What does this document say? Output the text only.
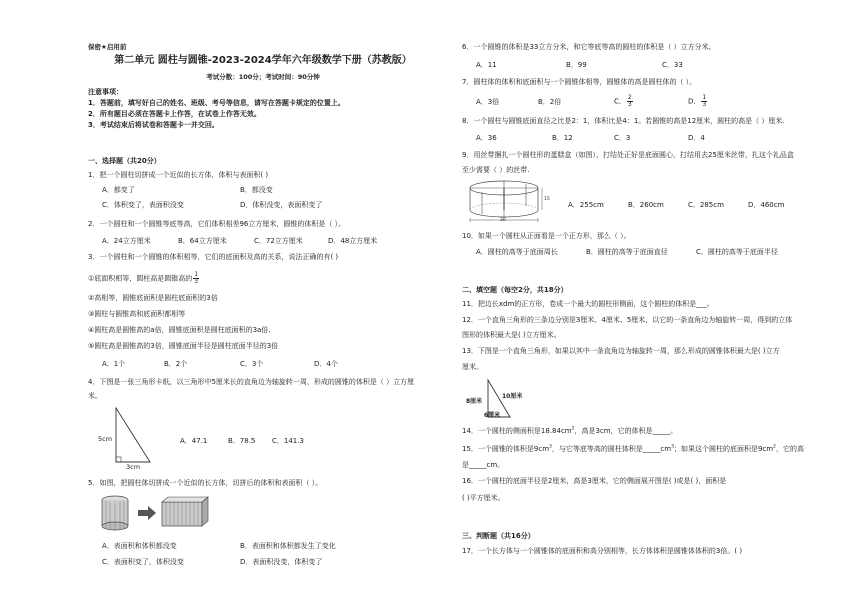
保密★启用前
第二单元 圆柱与圆锥-2023-2024学年六年级数学下册（苏教版）
考试分数：100分；考试时间：90分钟
注意事项：
1．答题前，填写好自己的姓名、班级、考号等信息，请写在答题卡规定的位置上。
2．所有题目必须在答题卡上作答，在试卷上作答无效。
3．考试结束后将试卷和答题卡一并交回。
一、选择题（共20分）
1．把一个圆柱切拼成一个近似的长方体，体积与表面积( )
A．都变了	B．都没变
C．体积变了，表面积没变	D．体积没变，表面积变了
2．一个圆柱和一个圆锥等底等高，它们体积相差96立方厘米，圆锥的体积是（ ）。
A．24立方厘米	B．64立方厘米	C．72立方厘米	D．48立方厘米
3．一个圆柱和一个圆锥的体积相等，它们的底面积及高的关系，说法正确的有( )
①底面积相等，圆柱高是圆锥高的 $\frac{1}{3}$
②高相等，圆锥底面积是圆柱底面积的3倍
③圆柱与圆锥高和底面积都相等
④圆柱高是圆锥高的a倍，圆锥底面积是圆柱底面积的3a倍.
⑤圆柱高是圆锥高的3倍，圆锥底面半径是圆柱底面半径的3倍
A．1个	B．2个	C．3个	D．4个
4．下图是一张三角形卡纸，以三角形中5厘米长的直角边为轴旋转一周，形成的圆锥的体积是（ ）立方厘
米。
5cm
3cm
A．47.1	B．78.5 C．141.3
5．如图，把圆柱体切拼成一个近似的长方体，切拼后的体积和表面积（ ）。
A．表面积和体积都没变	B．表面积和体积都发生了变化
C．表面积变了，体积没变	D．表面积没变，体积变了
6．一个圆锥的体积是33立方分米，和它等底等高的圆柱的体积是（ ）立方分米。
A．11	B．99	C．33
7．圆柱体的体积和底面积与一个圆锥体相等，圆锥体的高是圆柱体的（ ）。
A．3倍	B．2倍	C． $\frac{2}{3}$	D． $\frac{1}{3}$
8．一个圆柱与圆锥底面直径之比是2：1，体积比是4：1。若圆锥的高是12厘米，圆柱的高是（ ）厘米.
A．36	B．12	C．3	D．4
9．用丝带捆扎一个圆柱形的蛋糕盒（如图），打结处正好是底面圆心，打结用去25厘米丝带，扎这个礼品盒
至少需要（ ）的丝带.
15
30
A．255cm	B．260cm	C．285cm	D．460cm
10．如果一个圆柱从正面看是一个正方形，那么（ ）。
A．圆柱的高等于底面周长	B．圆柱的高等于底面直径	C．圆柱的高等于底面半径
二、填空题（每空2分，共18分）
11．把边长xdm的正方形，卷成一个最大的圆柱形侧面，这个圆柱的体积是___。
12．一个直角三角形的三条边分别是3厘米、4厘米、5厘米，以它的一条直角边为轴旋转一周，得到的立体
图形的体积最大是( )立方厘米。
13．下图是一个直角三角形，如果以其中一条直角边为轴旋转一周，那么形成的圆锥体积最大是( )立方
厘米。
8厘米
10厘米
6厘米
14．一个圆柱的侧面积是$18.84cm^2$，高是3cm，它的体积是_____。
15．一个圆锥的体积是$9cm^3$，与它等底等高的圆柱体积是$\_\_\_\_\_cm^3$；如果这个圆柱的底面积是$9cm^2$，它的高
是_____cm。
16．一个圆柱的底面半径是2厘米，高是3厘米，它的侧面展开图是( )或是( )，面积是
( )平方厘米。
三、判断题（共16分）
17．一个长方体与一个圆锥体的底面积和高分别相等，长方体体积是圆锥体体积的3倍。( )
